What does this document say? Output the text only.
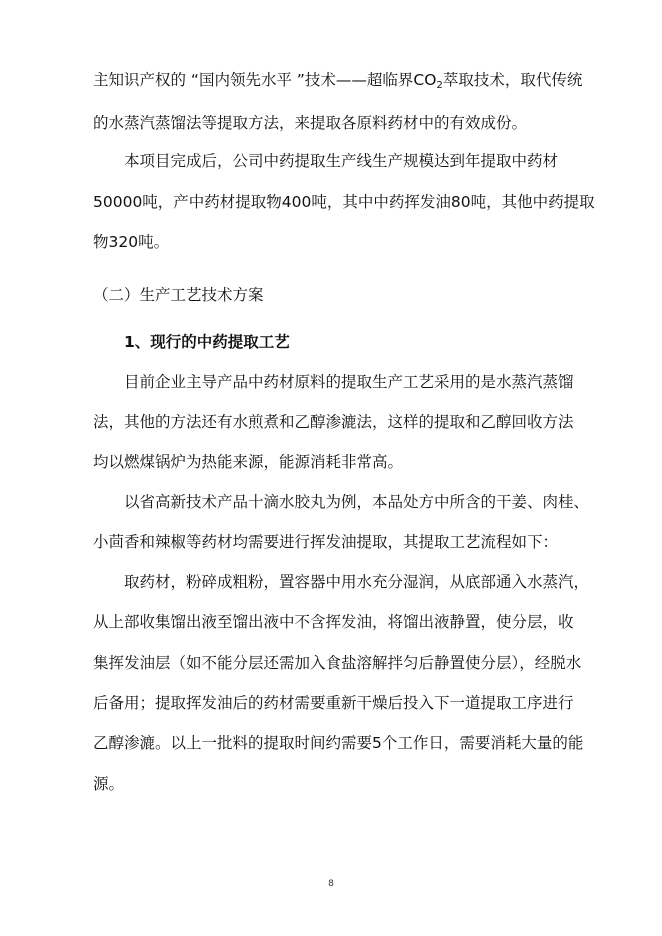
主知识产权的 “国内领先水平 ”技术——超临界$CO_2$萃取技术，取代传统
的水蒸汽蒸馏法等提取方法，来提取各原料药材中的有效成份。
本项目完成后，公司中药提取生产线生产规模达到年提取中药材
50000吨，产中药材提取物400吨，其中中药挥发油80吨，其他中药提取
物320吨。
（二）生产工艺技术方案
1、现行的中药提取工艺
目前企业主导产品中药材原料的提取生产工艺采用的是水蒸汽蒸馏
法，其他的方法还有水煎煮和乙醇渗漉法，这样的提取和乙醇回收方法
均以燃煤锅炉为热能来源，能源消耗非常高。
以省高新技术产品十滴水胶丸为例，本品处方中所含的干姜、肉桂、
小茴香和辣椒等药材均需要进行挥发油提取，其提取工艺流程如下：
取药材，粉碎成粗粉，置容器中用水充分湿润，从底部通入水蒸汽，
从上部收集馏出液至馏出液中不含挥发油，将馏出液静置，使分层，收
集挥发油层（如不能分层还需加入食盐溶解拌匀后静置使分层），经脱水
后备用；提取挥发油后的药材需要重新干燥后投入下一道提取工序进行
乙醇渗漉。以上一批料的提取时间约需要5个工作日，需要消耗大量的能
源。
8
